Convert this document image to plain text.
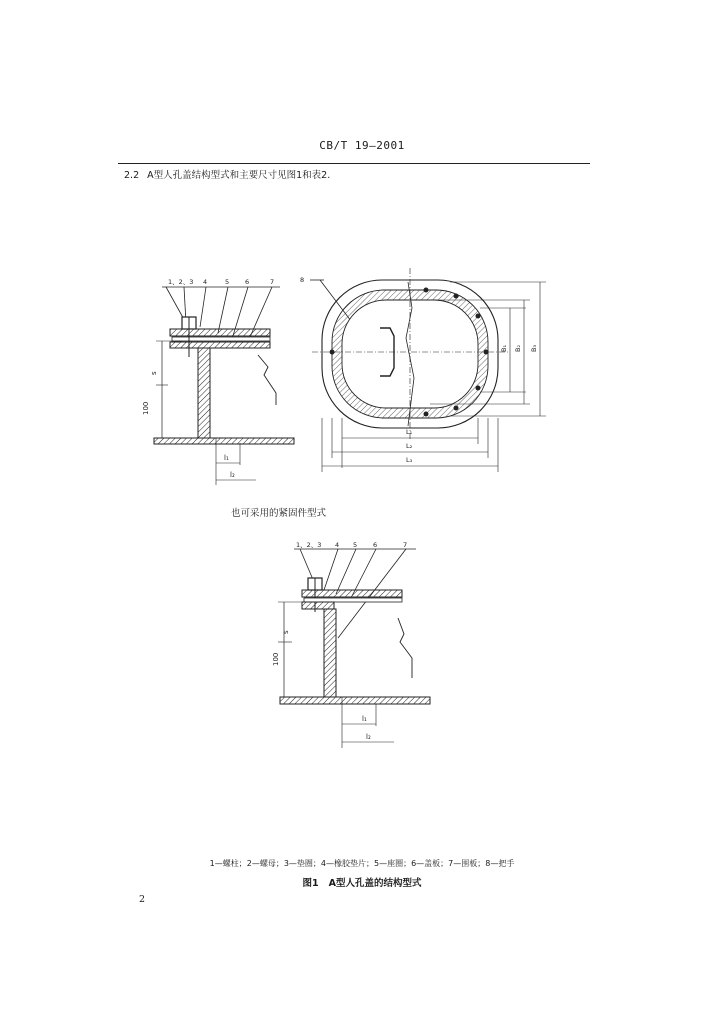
CB/T 19—2001
2.2 A型人孔盖结构型式和主要尺寸见图1和表2.
s
100
l₁
l₂
1、2、3 4	5 6	7	8
B₁ B₂ B₃
L₁
L₂
L₃
也可采用的紧固件型式
s
100
l₁
l₂
1、2、3 4 5 6	7
1—螺柱；2—螺母；3—垫圈；4—橡胶垫片；5—座圈；6—盖板；7—围板；8—把手
图1 A型人孔盖的结构型式
2
